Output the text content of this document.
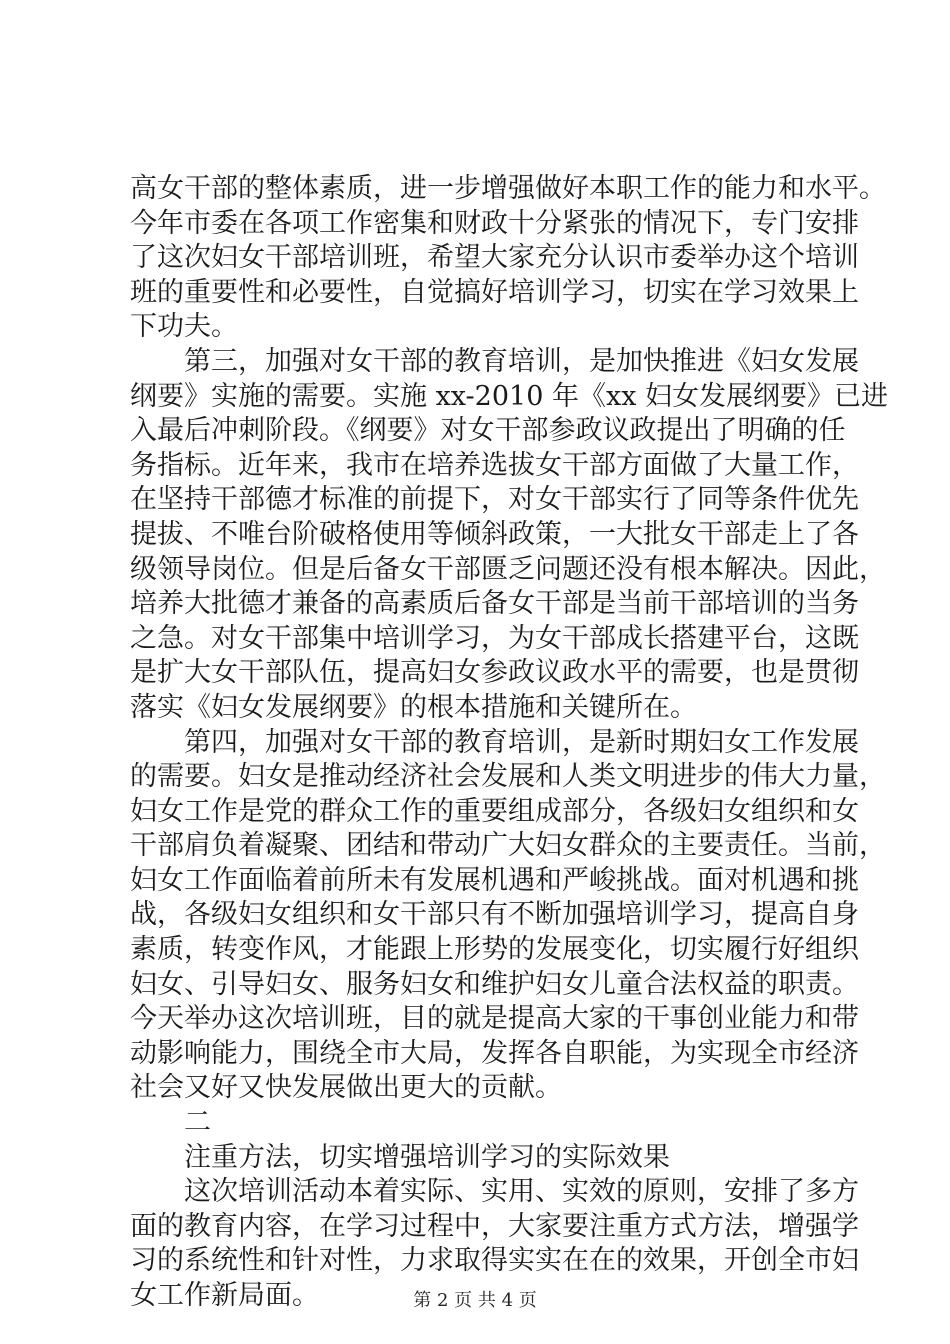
高女干部的整体素质，进一步增强做好本职工作的能力和水平。
今年市委在各项工作密集和财政十分紧张的情况下，专门安排
了这次妇女干部培训班，希望大家充分认识市委举办这个培训
班的重要性和必要性，自觉搞好培训学习，切实在学习效果上
下功夫。
第三，加强对女干部的教育培训，是加快推进《妇女发展
纲要》实施的需要。实施 xx-2010 年《xx 妇女发展纲要》已进
入最后冲刺阶段。《纲要》对女干部参政议政提出了明确的任
务指标。近年来，我市在培养选拔女干部方面做了大量工作，
在坚持干部德才标准的前提下，对女干部实行了同等条件优先
提拔、不唯台阶破格使用等倾斜政策，一大批女干部走上了各
级领导岗位。但是后备女干部匮乏问题还没有根本解决。因此，
培养大批德才兼备的高素质后备女干部是当前干部培训的当务
之急。对女干部集中培训学习，为女干部成长搭建平台，这既
是扩大女干部队伍，提高妇女参政议政水平的需要，也是贯彻
落实《妇女发展纲要》的根本措施和关键所在。
第四，加强对女干部的教育培训，是新时期妇女工作发展
的需要。妇女是推动经济社会发展和人类文明进步的伟大力量，
妇女工作是党的群众工作的重要组成部分，各级妇女组织和女
干部肩负着凝聚、团结和带动广大妇女群众的主要责任。当前，
妇女工作面临着前所未有发展机遇和严峻挑战。面对机遇和挑
战，各级妇女组织和女干部只有不断加强培训学习，提高自身
素质，转变作风，才能跟上形势的发展变化，切实履行好组织
妇女、引导妇女、服务妇女和维护妇女儿童合法权益的职责。
今天举办这次培训班，目的就是提高大家的干事创业能力和带
动影响能力，围绕全市大局，发挥各自职能，为实现全市经济
社会又好又快发展做出更大的贡献。
二
注重方法，切实增强培训学习的实际效果
这次培训活动本着实际、实用、实效的原则，安排了多方
面的教育内容，在学习过程中，大家要注重方式方法，增强学
习的系统性和针对性，力求取得实实在在的效果，开创全市妇
女工作新局面。	第 2 页 共 4 页
